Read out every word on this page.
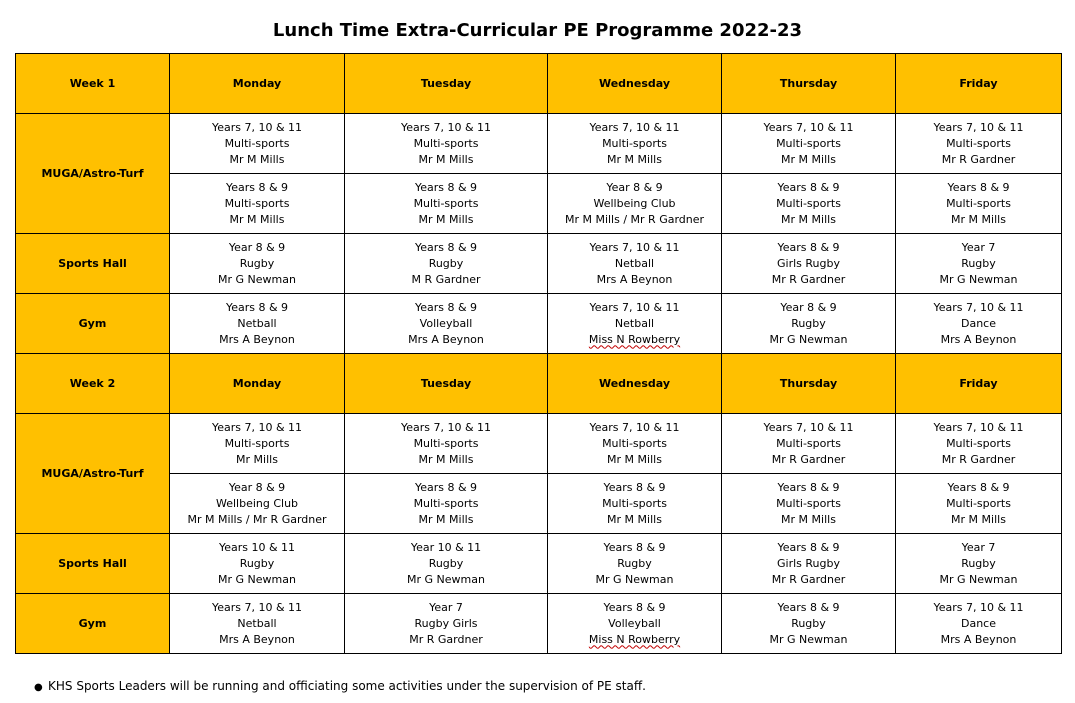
Lunch Time Extra-Curricular PE Programme 2022-23
Week 1	Monday	Tuesday	Wednesday	Thursday	Friday
MUGA/Astro-Turf	Years 7, 10 & 11
Multi-sports
Mr M Mills	Years 7, 10 & 11
Multi-sports
Mr M Mills	Years 7, 10 & 11
Multi-sports
Mr M Mills	Years 7, 10 & 11
Multi-sports
Mr M Mills	Years 7, 10 & 11
Multi-sports
Mr R Gardner

	Years 8 & 9
Multi-sports
Mr M Mills	Years 8 & 9
Multi-sports
Mr M Mills	Year 8 & 9
Wellbeing Club
Mr M Mills / Mr R Gardner	Years 8 & 9
Multi-sports
Mr M Mills	Years 8 & 9
Multi-sports
Mr M Mills

Sports Hall	Year 8 & 9
Rugby
Mr G Newman	Years 8 & 9
Rugby
M R Gardner	Years 7, 10 & 11
Netball
Mrs A Beynon	Years 8 & 9
Girls Rugby
Mr R Gardner	Year 7
Rugby
Mr G Newman

Gym	Years 8 & 9
Netball
Mrs A Beynon	Years 8 & 9
Volleyball
Mrs A Beynon	Years 7, 10 & 11
Netball
Miss N Rowberry	Year 8 & 9
Rugby
Mr G Newman	Years 7, 10 & 11
Dance
Mrs A Beynon

Week 2	Monday	Tuesday	Wednesday	Thursday	Friday
MUGA/Astro-Turf	Years 7, 10 & 11
Multi-sports
Mr Mills	Years 7, 10 & 11
Multi-sports
Mr M Mills	Years 7, 10 & 11
Multi-sports
Mr M Mills	Years 7, 10 & 11
Multi-sports
Mr R Gardner	Years 7, 10 & 11
Multi-sports
Mr R Gardner

	Year 8 & 9
Wellbeing Club
Mr M Mills / Mr R Gardner	Years 8 & 9
Multi-sports
Mr M Mills	Years 8 & 9
Multi-sports
Mr M Mills	Years 8 & 9
Multi-sports
Mr M Mills	Years 8 & 9
Multi-sports
Mr M Mills

Sports Hall	Years 10 & 11
Rugby
Mr G Newman	Year 10 & 11
Rugby
Mr G Newman	Years 8 & 9
Rugby
Mr G Newman	Years 8 & 9
Girls Rugby
Mr R Gardner	Year 7
Rugby
Mr G Newman

Gym	Years 7, 10 & 11
Netball
Mrs A Beynon	Year 7
Rugby Girls
Mr R Gardner	Years 8 & 9
Volleyball
Miss N Rowberry	Years 8 & 9
Rugby
Mr G Newman	Years 7, 10 & 11
Dance
Mrs A Beynon
● KHS Sports Leaders will be running and officiating some activities under the supervision of PE staff.
